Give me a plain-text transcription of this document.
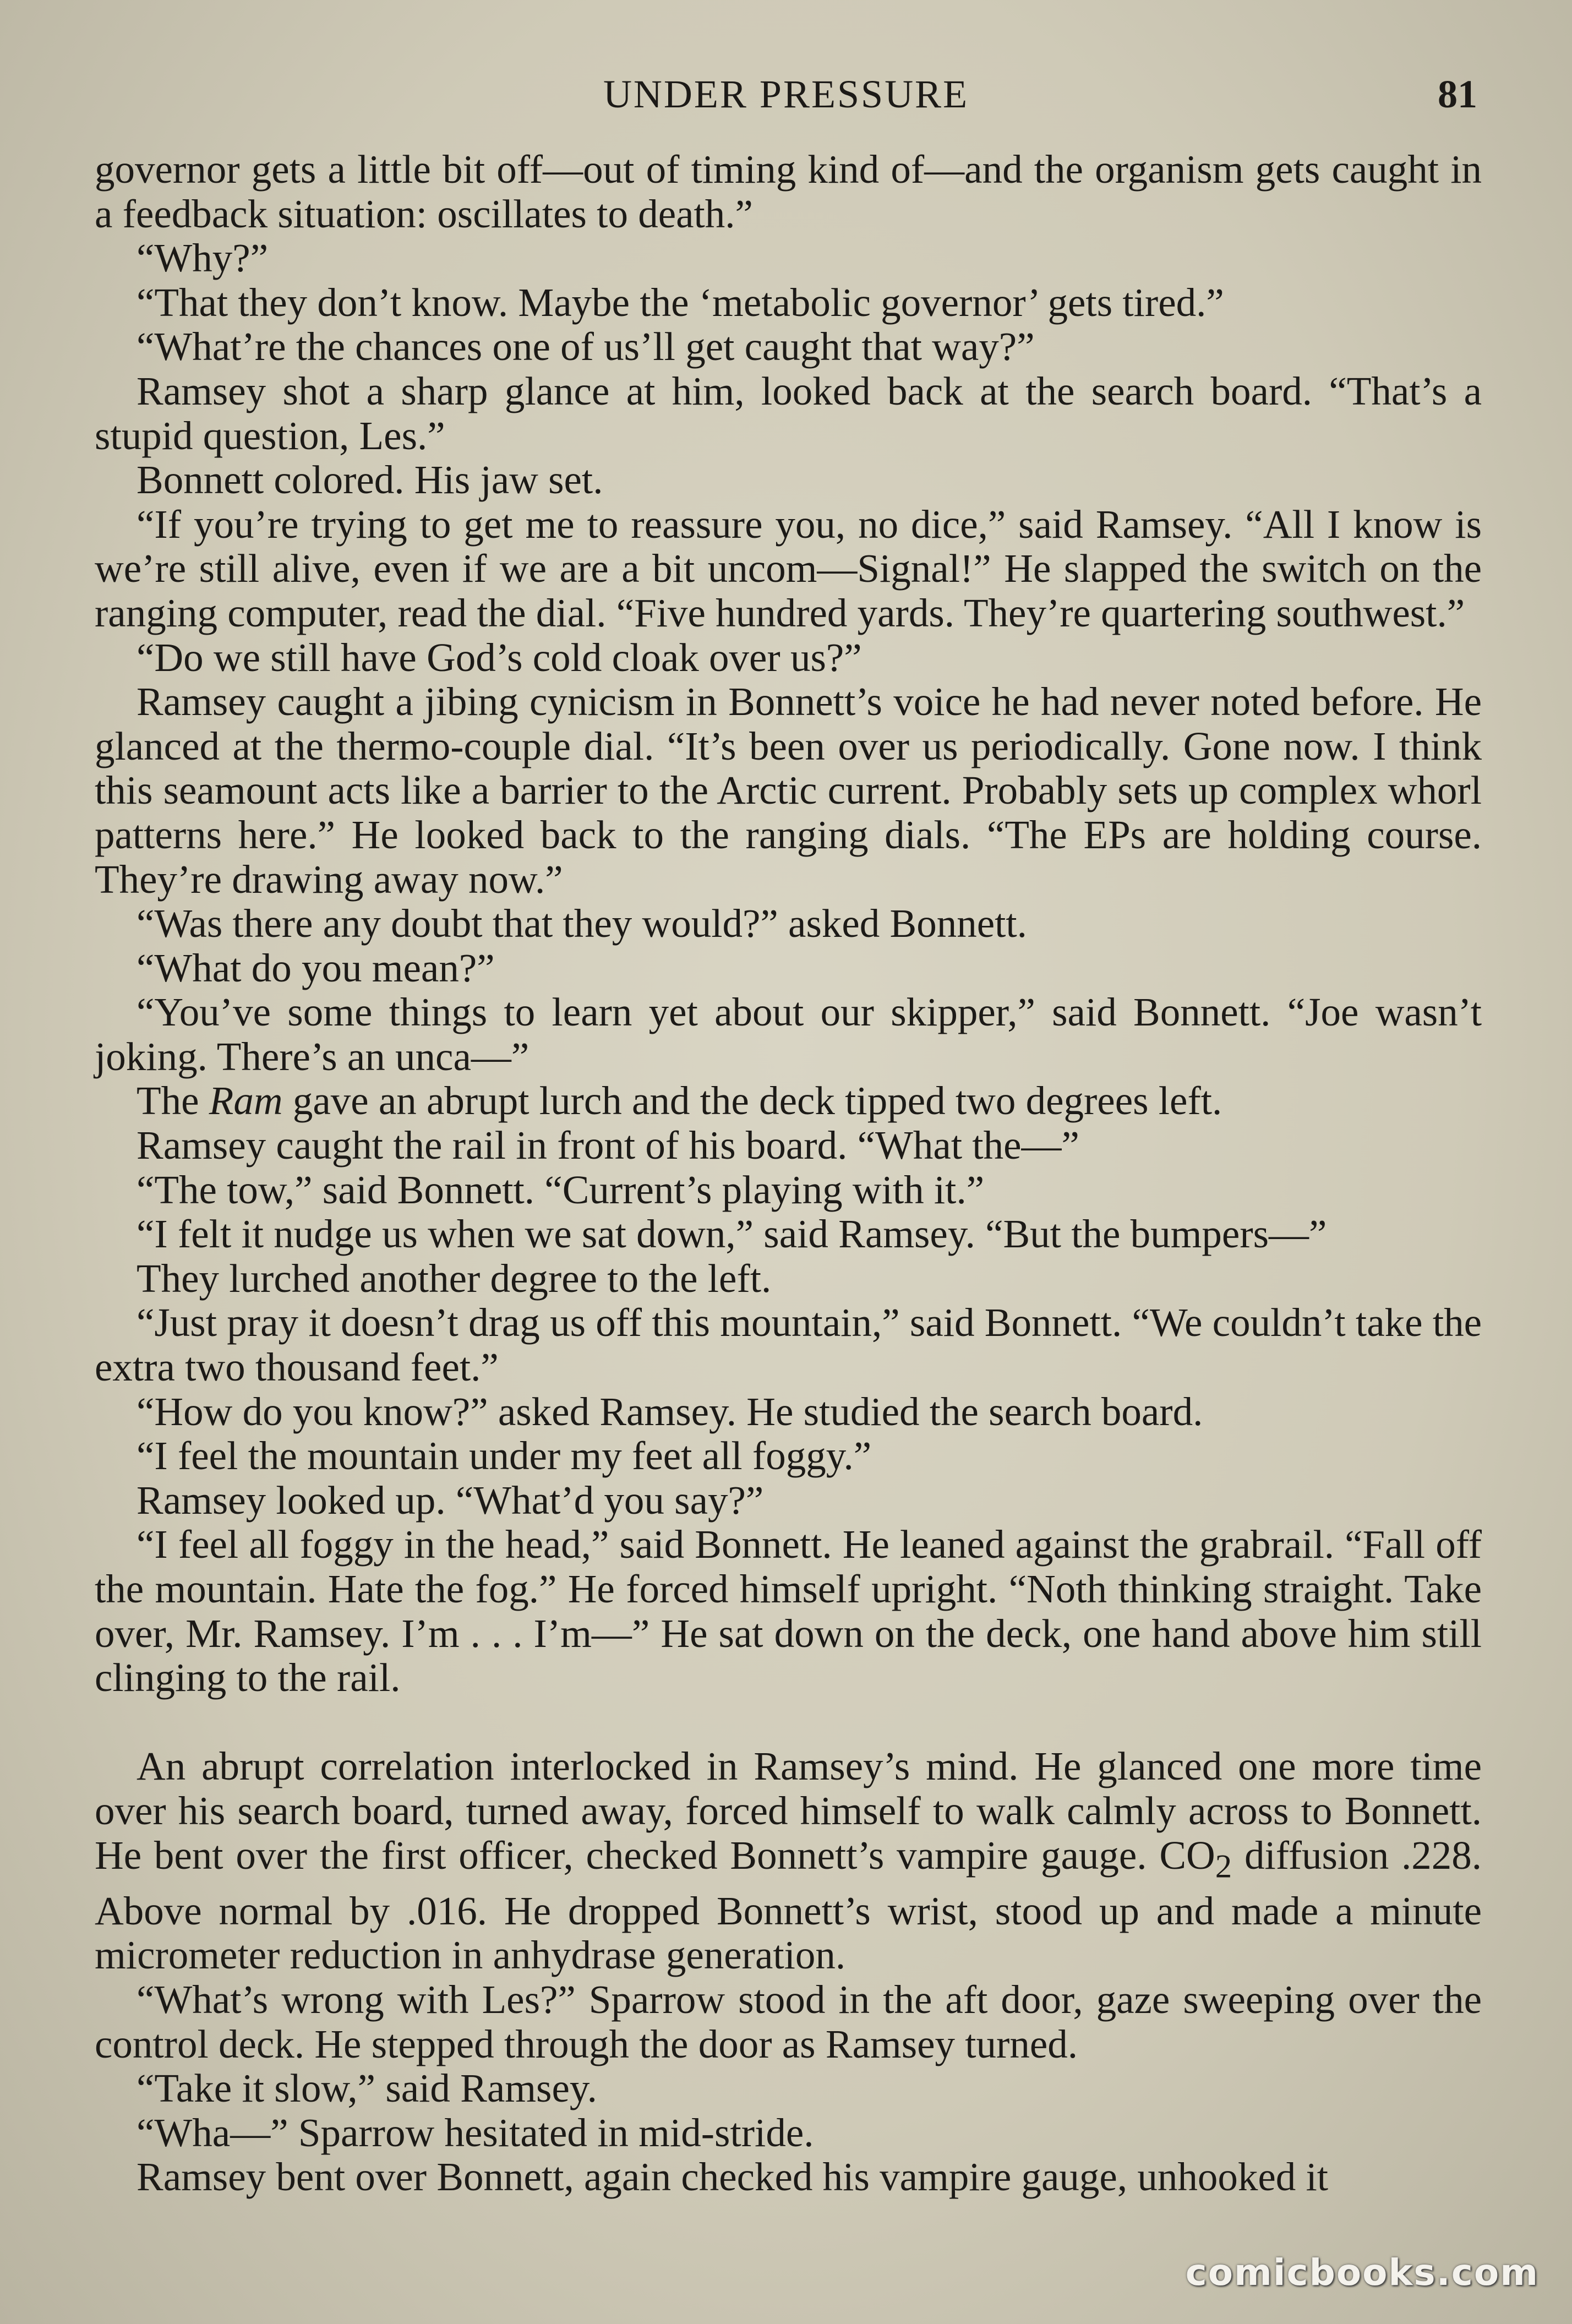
UNDER PRESSURE	81

governor gets a little bit off—out of timing kind of—and the organism gets caught in a feedback situation: oscillates to death.”

“Why?”

“That they don’t know. Maybe the ‘metabolic governor’ gets tired.”

“What’re the chances one of us’ll get caught that way?”

Ramsey shot a sharp glance at him, looked back at the search board. “That’s a stupid question, Les.”

Bonnett colored. His jaw set.

“If you’re trying to get me to reassure you, no dice,” said Ramsey. “All I know is we’re still alive, even if we are a bit uncom—Signal!” He slapped the switch on the ranging computer, read the dial. “Five hundred yards. They’re quartering southwest.”

“Do we still have God’s cold cloak over us?”

Ramsey caught a jibing cynicism in Bonnett’s voice he had never noted before. He glanced at the thermo-couple dial. “It’s been over us periodically. Gone now. I think this seamount acts like a barrier to the Arctic current. Probably sets up complex whorl patterns here.” He looked back to the ranging dials. “The EPs are holding course. They’re drawing away now.”

“Was there any doubt that they would?” asked Bonnett.

“What do you mean?”

“You’ve some things to learn yet about our skipper,” said Bonnett. “Joe wasn’t joking. There’s an unca—”

The Ram gave an abrupt lurch and the deck tipped two degrees left.

Ramsey caught the rail in front of his board. “What the—”

“The tow,” said Bonnett. “Current’s playing with it.”

“I felt it nudge us when we sat down,” said Ramsey. “But the bumpers—”

They lurched another degree to the left.

“Just pray it doesn’t drag us off this mountain,” said Bonnett. “We couldn’t take the extra two thousand feet.”

“How do you know?” asked Ramsey. He studied the search board.

“I feel the mountain under my feet all foggy.”

Ramsey looked up. “What’d you say?”

“I feel all foggy in the head,” said Bonnett. He leaned against the grabrail. “Fall off the mountain. Hate the fog.” He forced himself upright. “Noth thinking straight. Take over, Mr. Ramsey. I’m . . . I’m—” He sat down on the deck, one hand above him still clinging to the rail.

An abrupt correlation interlocked in Ramsey’s mind. He glanced one more time over his search board, turned away, forced himself to walk calmly across to Bonnett. He bent over the first officer, checked Bonnett’s vampire gauge. $CO_2$ diffusion .228. Above normal by .016. He dropped Bonnett’s wrist, stood up and made a minute micrometer reduction in anhydrase generation.

“What’s wrong with Les?” Sparrow stood in the aft door, gaze sweeping over the control deck. He stepped through the door as Ramsey turned.

“Take it slow,” said Ramsey.

“Wha—” Sparrow hesitated in mid-stride.

Ramsey bent over Bonnett, again checked his vampire gauge, unhooked it

comicbooks.com
